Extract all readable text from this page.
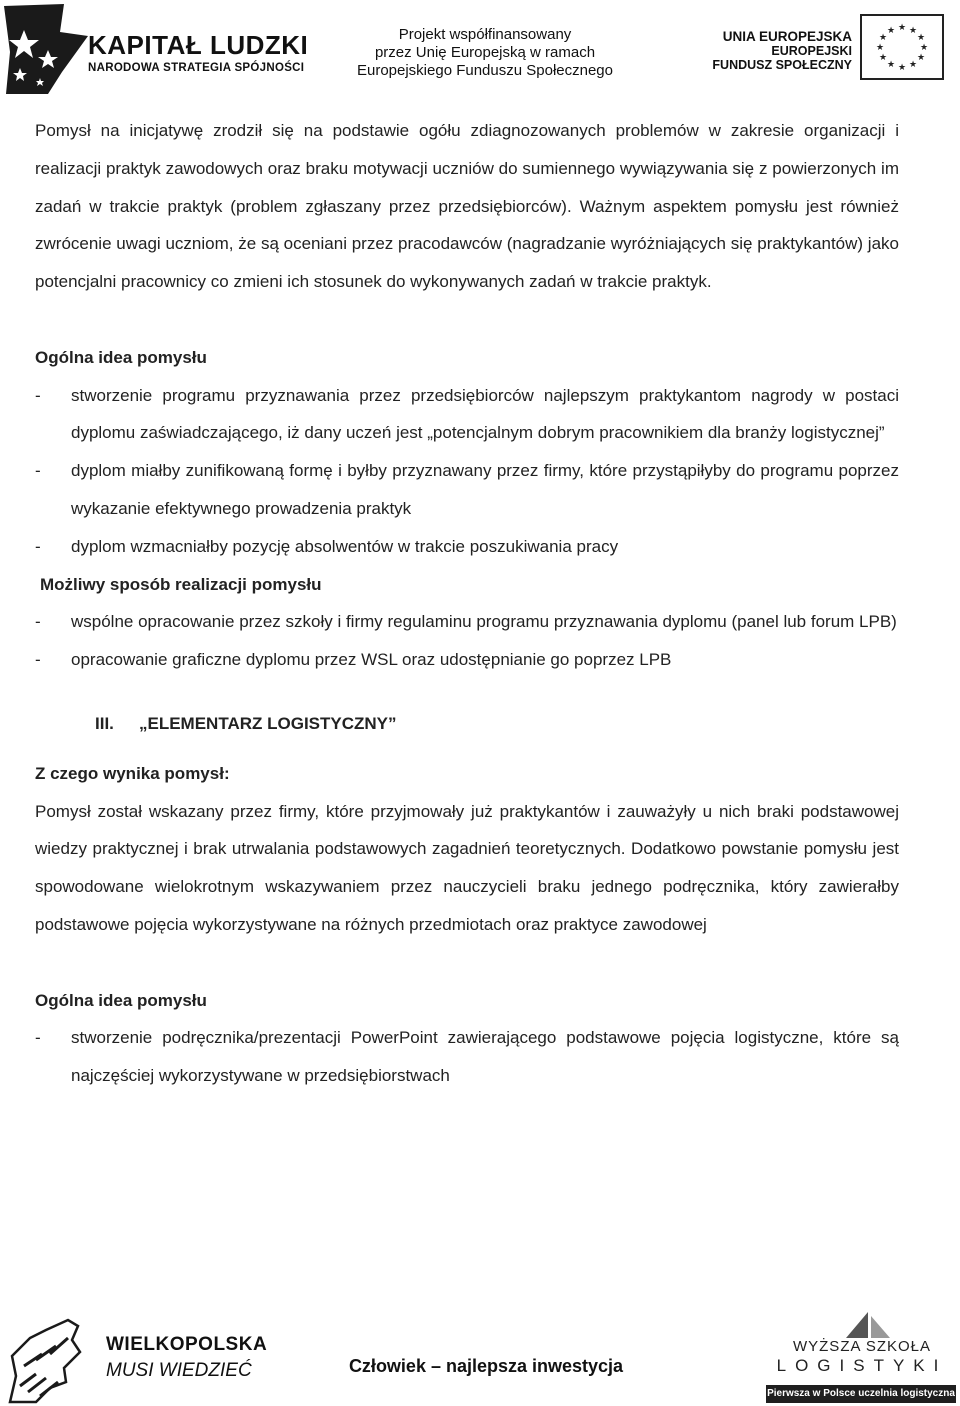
KAPITAŁ LUDZKI
NARODOWA STRATEGIA SPÓJNOŚCI
Projekt współfinansowany
przez Unię Europejską w ramach
Europejskiego Funduszu Społecznego
UNIA EUROPEJSKA
EUROPEJSKI
FUNDUSZ SPOŁECZNY
★ ★
★
★
★
★
★
★
★
★
★
★

Pomysł na inicjatywę zrodził się na podstawie ogółu zdiagnozowanych problemów w zakresie organizacji i realizacji praktyk zawodowych oraz braku motywacji uczniów do sumiennego wywiązywania się z powierzonych im zadań w trakcie praktyk (problem zgłaszany przez przedsiębiorców). Ważnym aspektem pomysłu jest również zwrócenie uwagi uczniom, że są oceniani przez pracodawców (nagradzanie wyróżniających się praktykantów) jako potencjalni pracownicy co zmieni ich stosunek do wykonywanych zadań w trakcie praktyk.

Ogólna idea pomysłu

-	stworzenie programu przyznawania przez przedsiębiorców najlepszym praktykantom nagrody w postaci dyplomu zaświadczającego, iż dany uczeń jest „potencjalnym dobrym pracownikiem dla branży logistycznej”
-	dyplom miałby zunifikowaną formę i byłby przyznawany przez firmy, które przystąpiłyby do programu poprzez wykazanie efektywnego prowadzenia praktyk
-	dyplom wzmacniałby pozycję absolwentów w trakcie poszukiwania pracy

Możliwy sposób realizacji pomysłu

-	wspólne opracowanie przez szkoły i firmy regulaminu programu przyznawania dyplomu (panel lub forum LPB)
-	opracowanie graficzne dyplomu przez WSL oraz udostępnianie go poprzez LPB
III.	„ELEMENTARZ LOGISTYCZNY”

Z czego wynika pomysł:

Pomysł został wskazany przez firmy, które przyjmowały już praktykantów i zauważyły u nich braki podstawowej wiedzy praktycznej i brak utrwalania podstawowych zagadnień teoretycznych. Dodatkowo powstanie pomysłu jest spowodowane wielokrotnym wskazywaniem przez nauczycieli braku jednego podręcznika, który zawierałby podstawowe pojęcia wykorzystywane na różnych przedmiotach oraz praktyce zawodowej

Ogólna idea pomysłu

-	stworzenie podręcznika/prezentacji PowerPoint zawierającego podstawowe pojęcia logistyczne, które są najczęściej wykorzystywane w przedsiębiorstwach
WIELKOPOLSKA
MUSI WIEDZIEĆ	Człowiek – najlepsza inwestycja
WYŻSZA SZKOŁA
LOGISTYKI
Pierwsza w Polsce uczelnia logistyczna
